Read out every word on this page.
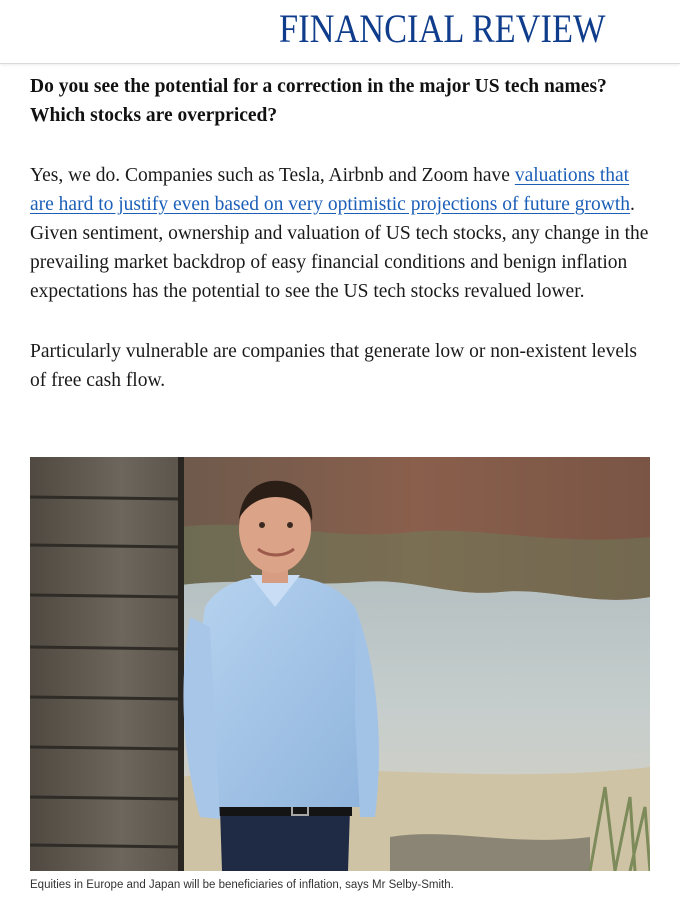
FINANCIAL REVIEW

Do you see the potential for a correction in the major US tech names? Which stocks are overpriced?

Yes, we do. Companies such as Tesla, Airbnb and Zoom have valuations that are hard to justify even based on very optimistic projections of future growth. Given sentiment, ownership and valuation of US tech stocks, any change in the prevailing market backdrop of easy financial conditions and benign inflation expectations has the potential to see the US tech stocks revalued lower.

Particularly vulnerable are companies that generate low or non-existent levels of free cash flow.

Equities in Europe and Japan will be beneficiaries of inflation, says Mr Selby-Smith.
